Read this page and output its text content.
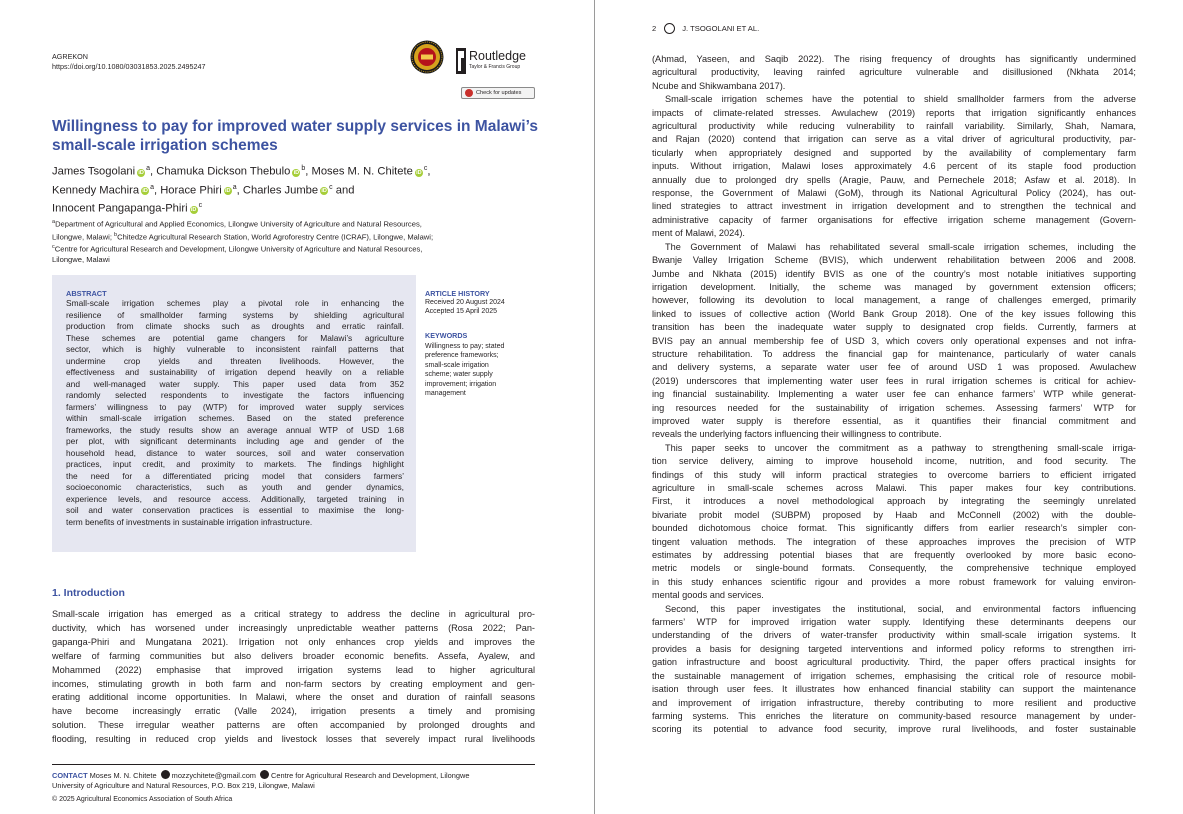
AGREKON
https://doi.org/10.1080/03031853.2025.2495247
Routledge
Taylor & Francis Group
Check for updates
Willingness to pay for improved water supply services in Malawi’s
small-scale irrigation schemes
James Tsogolani $iD^a$, Chamuka Dickson Thebulo $iD^b$, Moses M. N. Chitete $iD^c$,
Kennedy Machira $iD^a$, Horace Phiri $iD^a$, Charles Jumbe $iD^c$ and
Innocent Pangapanga-Phiri $iD^c$
$^a$Department of Agricultural and Applied Economics, Lilongwe University of Agriculture and Natural Resources,
Lilongwe, Malawi; $^b$Chitedze Agricultural Research Station, World Agroforestry Centre (ICRAF), Lilongwe, Malawi;
$^c$Centre for Agricultural Research and Development, Lilongwe University of Agriculture and Natural Resources,
Lilongwe, Malawi
ABSTRACT
Small-scale irrigation schemes play a pivotal role in enhancing the
resilience of smallholder farming systems by shielding agricultural
production from climate shocks such as droughts and erratic rainfall.
These schemes are potential game changers for Malawi’s agriculture
sector, which is highly vulnerable to inconsistent rainfall patterns that
undermine crop yields and threaten livelihoods. However, the
effectiveness and sustainability of irrigation depend heavily on a reliable
and well-managed water supply. This paper used data from 352
randomly selected respondents to investigate the factors influencing
farmers’ willingness to pay (WTP) for improved water supply services
within small-scale irrigation schemes. Based on the stated preference
frameworks, the study results show an average annual WTP of USD 1.68
per plot, with significant determinants including age and gender of the
household head, distance to water sources, soil and water conservation
practices, input credit, and proximity to markets. The findings highlight
the need for a differentiated pricing model that considers farmers’
socioeconomic characteristics, such as youth and gender dynamics,
experience levels, and resource access. Additionally, targeted training in
soil and water conservation practices is essential to maximise the long-
term benefits of investments in sustainable irrigation infrastructure.
ARTICLE HISTORY
Received 20 August 2024
Accepted 15 April 2025
KEYWORDS
Willingness to pay; stated
preference frameworks;
small-scale irrigation
scheme; water supply
improvement; irrigation
management
1. Introduction
Small-scale irrigation has emerged as a critical strategy to address the decline in agricultural pro-
ductivity, which has worsened under increasingly unpredictable weather patterns (Rosa 2022; Pan-
gapanga-Phiri and Mungatana 2021). Irrigation not only enhances crop yields and improves the
welfare of farming communities but also delivers broader economic benefits. Assefa, Ayalew, and
Mohammed (2022) emphasise that improved irrigation systems lead to higher agricultural
incomes, stimulating growth in both farm and non-farm sectors by creating employment and gen-
erating additional income opportunities. In Malawi, where the onset and duration of rainfall seasons
have become increasingly erratic (Valle 2024), irrigation presents a timely and promising
solution. These irregular weather patterns are often accompanied by prolonged droughts and
flooding, resulting in reduced crop yields and livestock losses that severely impact rural livelihoods
CONTACT Moses M. N. Chitete mozzychitete@gmail.com Centre for Agricultural Research and Development, Lilongwe
University of Agriculture and Natural Resources, P.O. Box 219, Lilongwe, Malawi
© 2025 Agricultural Economics Association of South Africa
2	J. TSOGOLANI ET AL.
(Ahmad, Yaseen, and Saqib 2022). The rising frequency of droughts has significantly undermined
agricultural productivity, leaving rainfed agriculture vulnerable and disillusioned (Nkhata 2014;
Ncube and Shikwambana 2017).
Small-scale irrigation schemes have the potential to shield smallholder farmers from the adverse
impacts of climate-related stresses. Awulachew (2019) reports that irrigation significantly enhances
agricultural productivity while reducing vulnerability to rainfall variability. Similarly, Shah, Namara,
and Rajan (2020) contend that irrigation can serve as a vital driver of agricultural productivity, par-
ticularly when appropriately designed and supported by the availability of complementary farm
inputs. Without irrigation, Malawi loses approximately 4.6 percent of its staple food production
annually due to prolonged dry spells (Aragie, Pauw, and Pernechele 2018; Asfaw et al. 2018). In
response, the Government of Malawi (GoM), through its National Agricultural Policy (2024), has out-
lined strategies to attract investment in irrigation development and to strengthen the technical and
administrative capacity of farmer organisations for effective irrigation scheme management (Govern-
ment of Malawi, 2024).
The Government of Malawi has rehabilitated several small-scale irrigation schemes, including the
Bwanje Valley Irrigation Scheme (BVIS), which underwent rehabilitation between 2006 and 2008.
Jumbe and Nkhata (2015) identify BVIS as one of the country’s most notable initiatives supporting
irrigation development. Initially, the scheme was managed by government extension officers;
however, following its devolution to local management, a range of challenges emerged, primarily
linked to issues of collective action (World Bank Group 2018). One of the key issues following this
transition has been the inadequate water supply to designated crop fields. Currently, farmers at
BVIS pay an annual membership fee of USD 3, which covers only operational expenses and not infra-
structure rehabilitation. To address the financial gap for maintenance, particularly of water canals
and delivery systems, a separate water user fee of around USD 1 was proposed. Awulachew
(2019) underscores that implementing water user fees in rural irrigation schemes is critical for achiev-
ing financial sustainability. Implementing a water user fee can enhance farmers’ WTP while generat-
ing resources needed for the sustainability of irrigation schemes. Assessing farmers’ WTP for
improved water supply is therefore essential, as it quantifies their financial commitment and
reveals the underlying factors influencing their willingness to contribute.
This paper seeks to uncover the commitment as a pathway to strengthening small-scale irriga-
tion service delivery, aiming to improve household income, nutrition, and food security. The
findings of this study will inform practical strategies to overcome barriers to efficient irrigated
agriculture in small-scale schemes across Malawi. This paper makes four key contributions.
First, it introduces a novel methodological approach by integrating the seemingly unrelated
bivariate probit model (SUBPM) proposed by Haab and McConnell (2002) with the double-
bounded dichotomous choice format. This significantly differs from earlier research’s simpler con-
tingent valuation methods. The integration of these approaches improves the precision of WTP
estimates by addressing potential biases that are frequently overlooked by more basic econo-
metric models or single-bound formats. Consequently, the comprehensive technique employed
in this study enhances scientific rigour and provides a more robust framework for valuing environ-
mental goods and services.
Second, this paper investigates the institutional, social, and environmental factors influencing
farmers’ WTP for improved irrigation water supply. Identifying these determinants deepens our
understanding of the drivers of water-transfer productivity within small-scale irrigation systems. It
provides a basis for designing targeted interventions and informed policy reforms to strengthen irri-
gation infrastructure and boost agricultural productivity. Third, the paper offers practical insights for
the sustainable management of irrigation schemes, emphasising the critical role of resource mobil-
isation through user fees. It illustrates how enhanced financial stability can support the maintenance
and improvement of irrigation infrastructure, thereby contributing to more resilient and productive
farming systems. This enriches the literature on community-based resource management by under-
scoring its potential to advance food security, improve rural livelihoods, and foster sustainable
